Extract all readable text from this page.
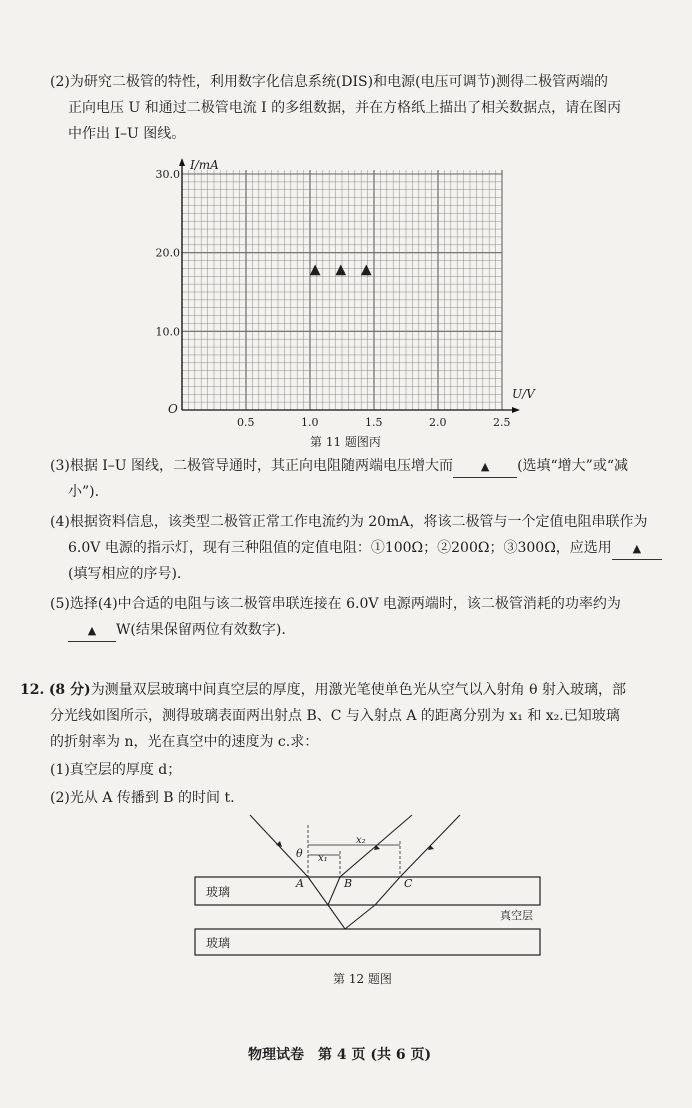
(2)为研究二极管的特性，利用数字化信息系统(DIS)和电源(电压可调节)测得二极管两端的
正向电压 U 和通过二极管电流 I 的多组数据，并在方格纸上描出了相关数据点，请在图丙
中作出 I–U 图线。
0.5	1.0	1.5	2.0	2.5
10.0
20.0
30.0
▲ ▲ ▲
I/mA
U/V
O
第 11 题图丙
(3)根据 I–U 图线，二极管导通时，其正向电阻随两端电压增大而	▲ (选填“增大”或“减
小”).
(4)根据资料信息，该类型二极管正常工作电流约为 20mA，将该二极管与一个定值电阻串联作为
6.0V 电源的指示灯，现有三种阻值的定值电阻：①100Ω；②200Ω；③300Ω，应选用 ▲
(填写相应的序号).
(5)选择(4)中合适的电阻与该二极管串联连接在 6.0V 电源两端时，该二极管消耗的功率约为
▲ W(结果保留两位有效数字).
12. (8 分)为测量双层玻璃中间真空层的厚度，用激光笔使单色光从空气以入射角 θ 射入玻璃，部
分光线如图所示，测得玻璃表面两出射点 B、C 与入射点 A 的距离分别为 x₁ 和 x₂.已知玻璃
的折射率为 n，光在真空中的速度为 c.求：
(1)真空层的厚度 d；
(2)光从 A 传播到 B 的时间 t.
玻璃
玻璃
真空层
θ x₁
x₂
A	B	C
第 12 题图
物理试卷　第 4 页 (共 6 页)
